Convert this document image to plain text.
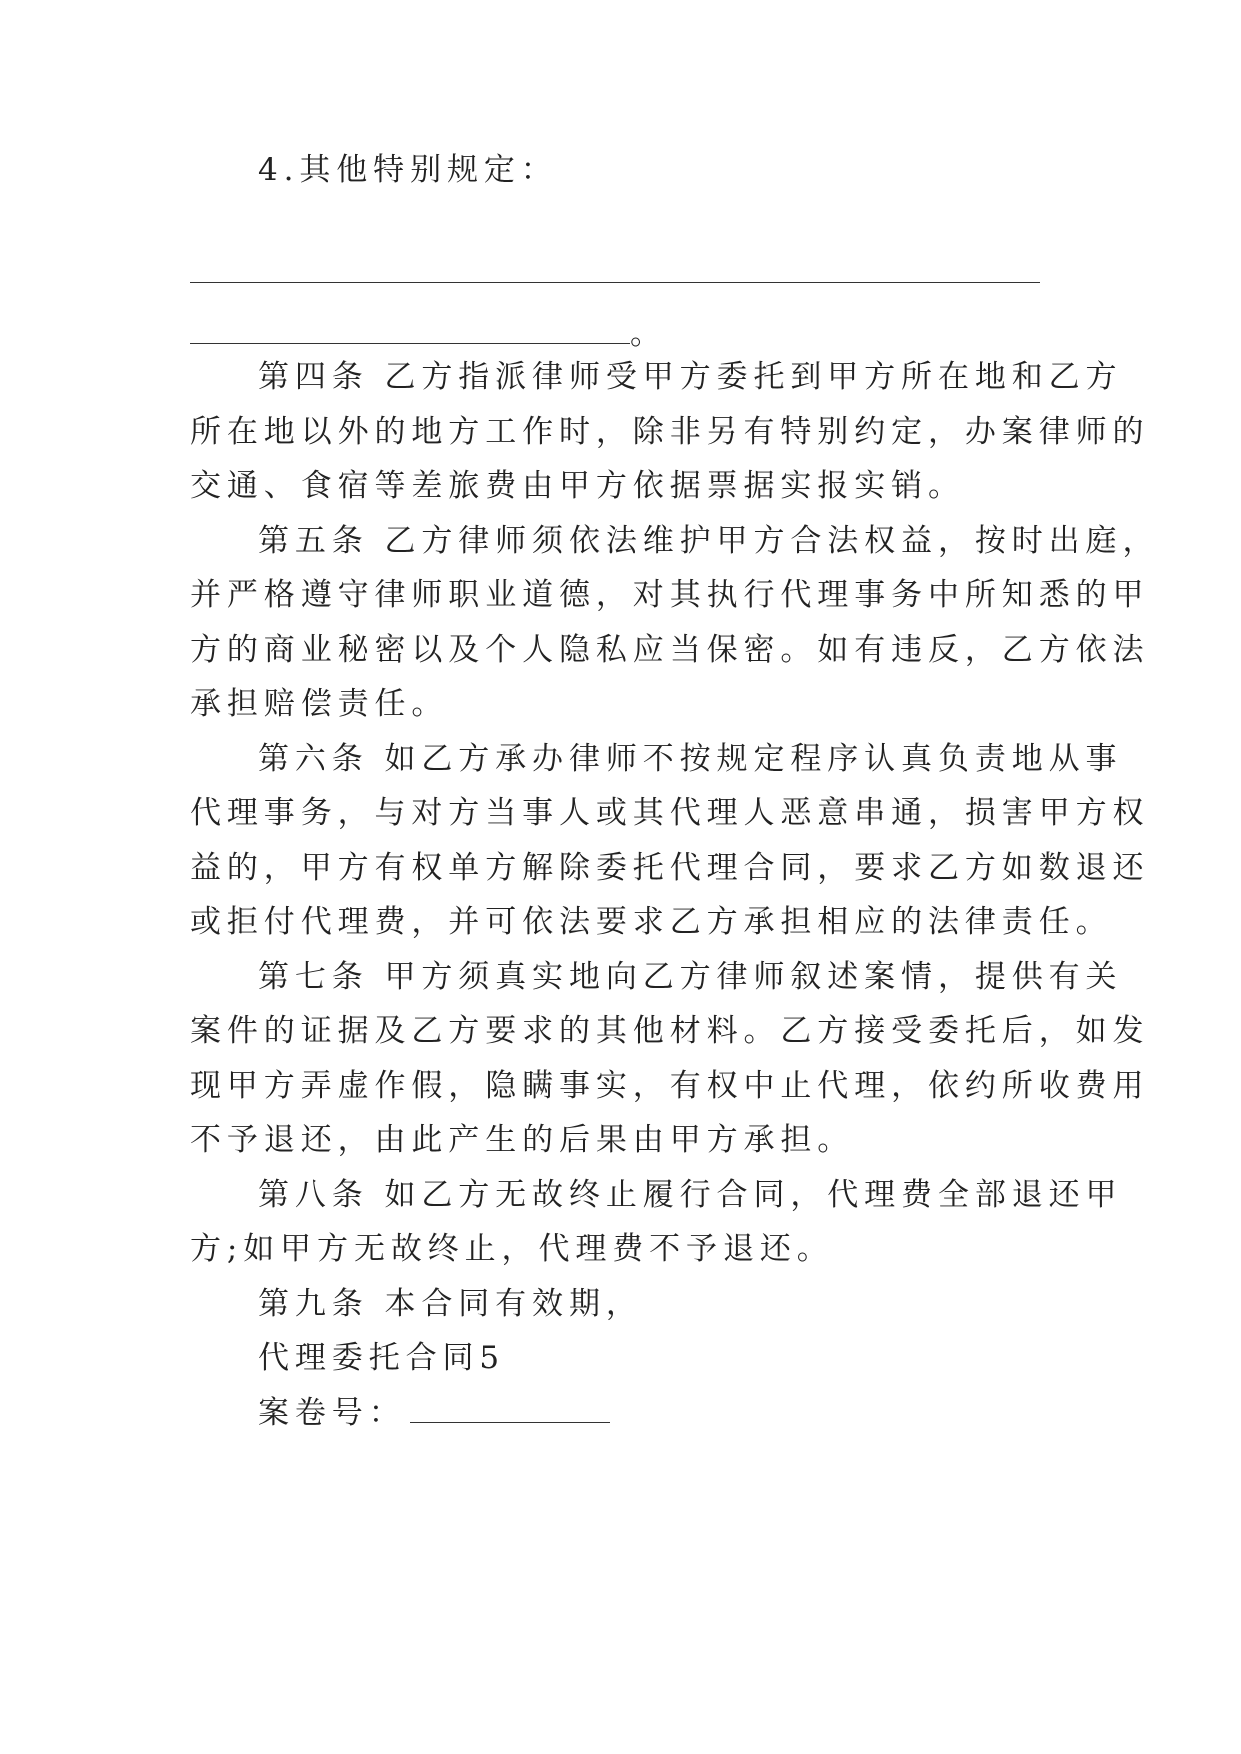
4.其他特别规定：
。
第四条 乙方指派律师受甲方委托到甲方所在地和乙方
所在地以外的地方工作时，除非另有特别约定，办案律师的
交通、食宿等差旅费由甲方依据票据实报实销。
第五条 乙方律师须依法维护甲方合法权益，按时出庭，
并严格遵守律师职业道德，对其执行代理事务中所知悉的甲
方的商业秘密以及个人隐私应当保密。如有违反，乙方依法
承担赔偿责任。
第六条 如乙方承办律师不按规定程序认真负责地从事
代理事务，与对方当事人或其代理人恶意串通，损害甲方权
益的，甲方有权单方解除委托代理合同，要求乙方如数退还
或拒付代理费，并可依法要求乙方承担相应的法律责任。
第七条 甲方须真实地向乙方律师叙述案情，提供有关
案件的证据及乙方要求的其他材料。乙方接受委托后，如发
现甲方弄虚作假，隐瞒事实，有权中止代理，依约所收费用
不予退还，由此产生的后果由甲方承担。
第八条 如乙方无故终止履行合同，代理费全部退还甲
方;如甲方无故终止，代理费不予退还。
第九条 本合同有效期，
代理委托合同5
案卷号：
